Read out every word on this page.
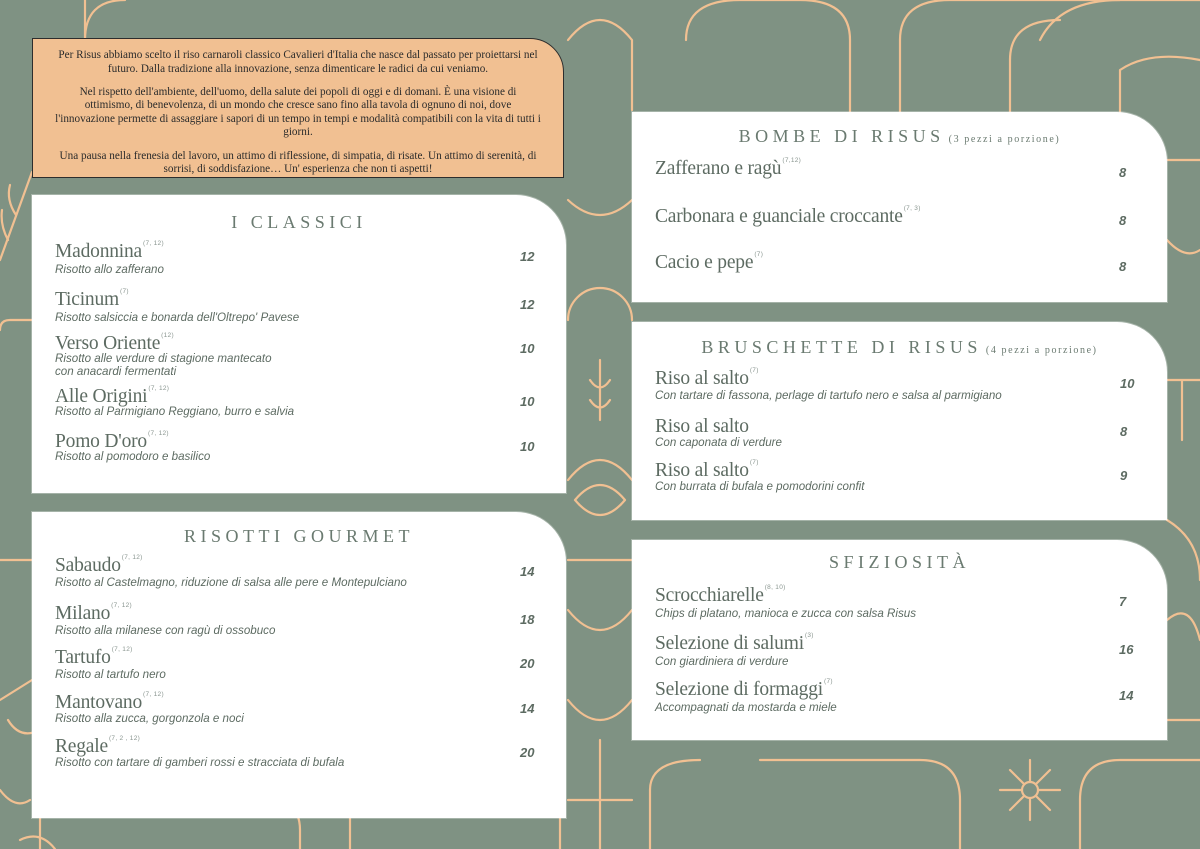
Per Risus abbiamo scelto il riso carnaroli classico Cavalieri d'Italia che nasce dal passato per proiettarsi nel futuro. Dalla tradizione alla innovazione, senza dimenticare le radici da cui veniamo.

Nel rispetto dell'ambiente, dell'uomo, della salute dei popoli di oggi e di domani. È una visione di ottimismo, di benevolenza, di un mondo che cresce sano fino alla tavola di ognuno di noi, dove l'innovazione permette di assaggiare i sapori di un tempo in tempi e modalità compatibili con la vita di tutti i giorni.

Una pausa nella frenesia del lavoro, un attimo di riflessione, di simpatia, di risate. Un attimo di serenità, di sorrisi, di soddisfazione… Un' esperienza che non ti aspetti!

I CLASSICI
Madonnina$^{(7, 12)}$
Risotto allo zafferano
12
Ticinum$^{(7)}$
Risotto salsiccia e bonarda dell'Oltrepo' Pavese
12
Verso Oriente$^{(12)}$
Risotto alle verdure di stagione mantecato
con anacardi fermentati
10
Alle Origini$^{(7, 12)}$
Risotto al Parmigiano Reggiano, burro e salvia
10
Pomo D'oro$^{(7, 12)}$
Risotto al pomodoro e basilico
10
RISOTTI GOURMET
Sabaudo$^{(7, 12)}$
Risotto al Castelmagno, riduzione di salsa alle pere e Montepulciano
14
Milano$^{(7, 12)}$
Risotto alla milanese con ragù di ossobuco
18
Tartufo$^{(7, 12)}$
Risotto al tartufo nero
20
Mantovano$^{(7, 12)}$
Risotto alla zucca, gorgonzola e noci
14
Regale$^{(7, 2 , 12)}$
Risotto con tartare di gamberi rossi e stracciata di bufala
20
BOMBE DI RISUS (3 pezzi a porzione)
Zafferano e ragù$^{(7,12)}$
8
Carbonara e guanciale croccante$^{(7, 3)}$
8
Cacio e pepe$^{(7)}$
8
BRUSCHETTE DI RISUS (4 pezzi a porzione)
Riso al salto$^{(7)}$
Con tartare di fassona, perlage di tartufo nero e salsa al parmigiano
10
Riso al salto
Con caponata di verdure
8
Riso al salto$^{(7)}$
Con burrata di bufala e pomodorini confit
9
SFIZIOSITÀ
Scrocchiarelle$^{(8, 10)}$
Chips di platano, manioca e zucca con salsa Risus
7
Selezione di salumi$^{(3)}$
Con giardiniera di verdure
16
Selezione di formaggi$^{(7)}$
Accompagnati da mostarda e miele
14
